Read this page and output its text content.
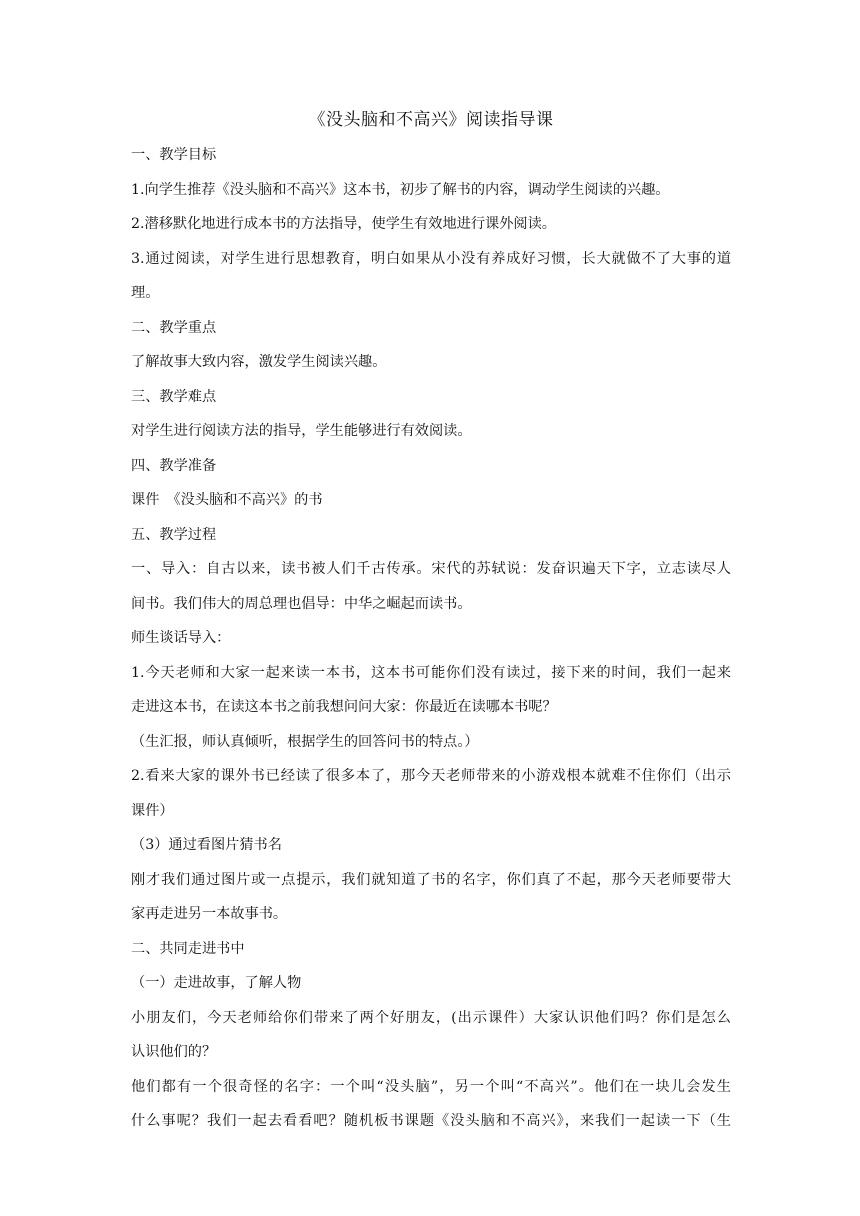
《没头脑和不高兴》阅读指导课

一、教学目标

1.向学生推荐《没头脑和不高兴》这本书，初步了解书的内容，调动学生阅读的兴趣。

2.潜移默化地进行成本书的方法指导，使学生有效地进行课外阅读。

3.通过阅读，对学生进行思想教育，明白如果从小没有养成好习惯，长大就做不了大事的道

理。

二、教学重点

了解故事大致内容，激发学生阅读兴趣。

三、教学难点

对学生进行阅读方法的指导，学生能够进行有效阅读。

四、教学准备

课件　《没头脑和不高兴》的书

五、教学过程

一、导入：自古以来，读书被人们千古传承。宋代的苏轼说：发奋识遍天下字，立志读尽人

间书。我们伟大的周总理也倡导：中华之崛起而读书。

师生谈话导入：

1.今天老师和大家一起来读一本书，这本书可能你们没有读过，接下来的时间，我们一起来

走进这本书，在读这本书之前我想问问大家：你最近在读哪本书呢？

（生汇报，师认真倾听，根据学生的回答问书的特点。）

2.看来大家的课外书已经读了很多本了，那今天老师带来的小游戏根本就难不住你们（出示

课件）

（3）通过看图片猜书名

刚才我们通过图片或一点提示，我们就知道了书的名字，你们真了不起，那今天老师要带大

家再走进另一本故事书。

二、共同走进书中

（一）走进故事，了解人物

小朋友们，今天老师给你们带来了两个好朋友，(出示课件）大家认识他们吗？你们是怎么

认识他们的？

他们都有一个很奇怪的名字：一个叫“没头脑”，另一个叫“不高兴”。他们在一块儿会发生

什么事呢？我们一起去看看吧？随机板书课题《没头脑和不高兴》，来我们一起读一下（生
